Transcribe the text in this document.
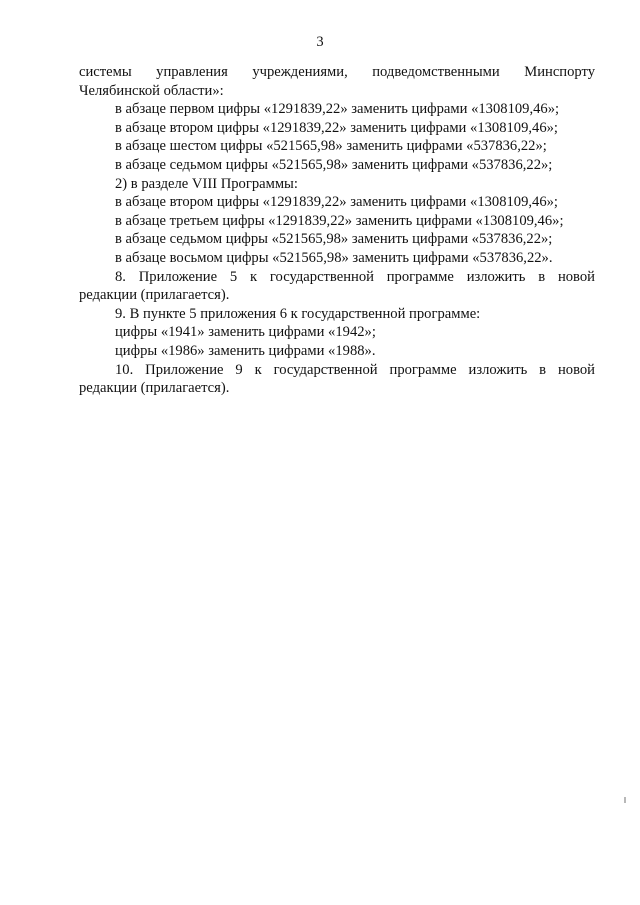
3
системы управления учреждениями, подведомственными Минспорту
Челябинской области»:
в абзаце первом цифры «1291839,22» заменить цифрами «1308109,46»;
в абзаце втором цифры «1291839,22» заменить цифрами «1308109,46»;
в абзаце шестом цифры «521565,98» заменить цифрами «537836,22»;
в абзаце седьмом цифры «521565,98» заменить цифрами «537836,22»;
2) в разделе VIII Программы:
в абзаце втором цифры «1291839,22» заменить цифрами «1308109,46»;
в абзаце третьем цифры «1291839,22» заменить цифрами «1308109,46»;
в абзаце седьмом цифры «521565,98» заменить цифрами «537836,22»;
в абзаце восьмом цифры «521565,98» заменить цифрами «537836,22».
8. Приложение 5 к государственной программе изложить в новой
редакции (прилагается).
9. В пункте 5 приложения 6 к государственной программе:
цифры «1941» заменить цифрами «1942»;
цифры «1986» заменить цифрами «1988».
10. Приложение 9 к государственной программе изложить в новой
редакции (прилагается).
